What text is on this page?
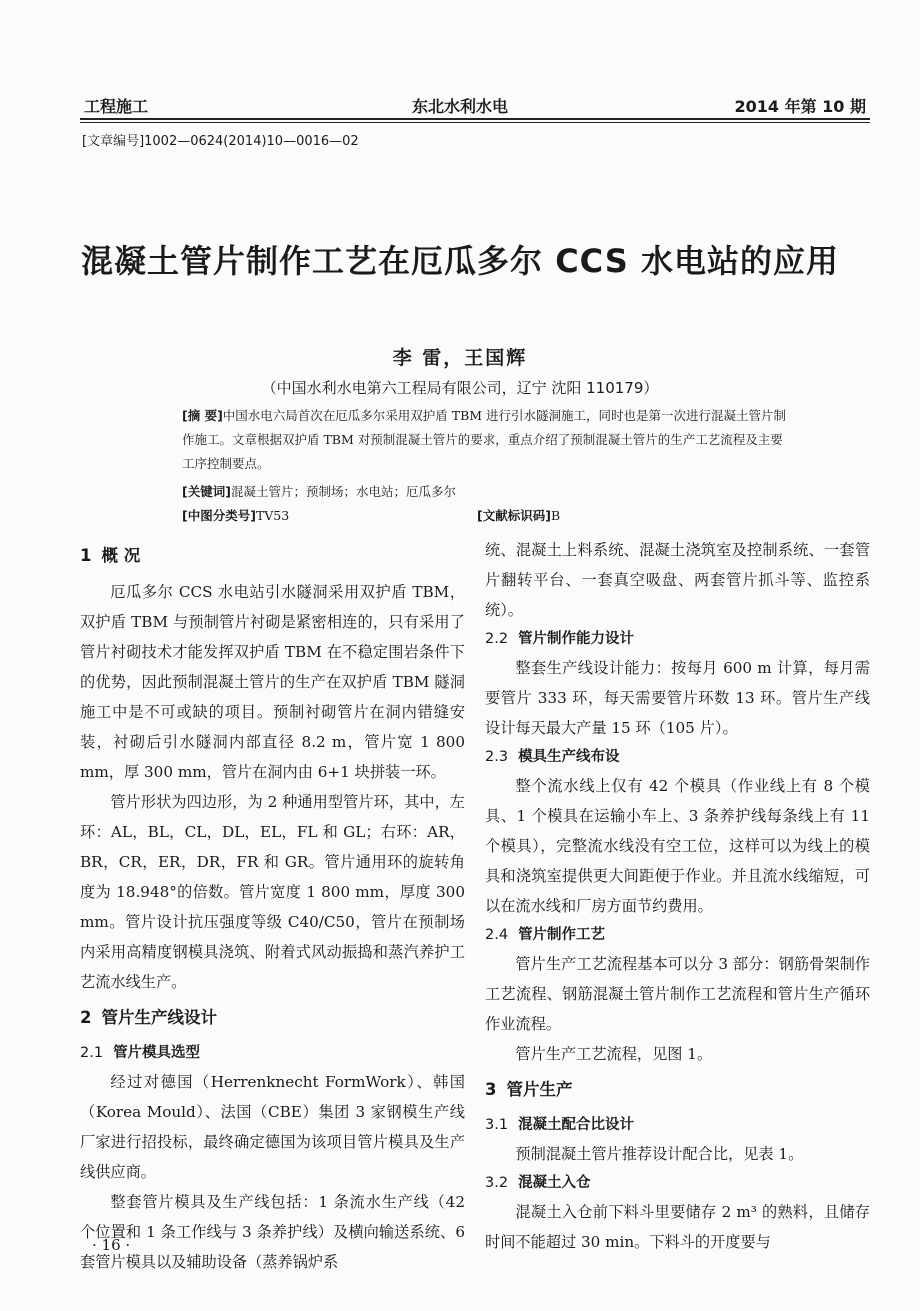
工程施工	东北水利水电	2014 年第 10 期
[文章编号]1002—0624(2014)10—0016—02
混凝土管片制作工艺在厄瓜多尔 CCS 水电站的应用
李 雷，王国辉
（中国水利水电第六工程局有限公司，辽宁 沈阳 110179）
[摘 要]中国水电六局首次在厄瓜多尔采用双护盾 TBM 进行引水隧洞施工，同时也是第一次进行混凝土管片制作施工。文章根据双护盾 TBM 对预制混凝土管片的要求，重点介绍了预制混凝土管片的生产工艺流程及主要工序控制要点。
[关键词]混凝土管片；预制场；水电站；厄瓜多尔
[中图分类号]TV53	[文献标识码]B
1 概 况

厄瓜多尔 CCS 水电站引水隧洞采用双护盾 TBM，双护盾 TBM 与预制管片衬砌是紧密相连的，只有采用了管片衬砌技术才能发挥双护盾 TBM 在不稳定围岩条件下的优势，因此预制混凝土管片的生产在双护盾 TBM 隧洞施工中是不可或缺的项目。预制衬砌管片在洞内错缝安装，衬砌后引水隧洞内部直径 8.2 m，管片宽 1 800 mm，厚 300 mm，管片在洞内由 6+1 块拼装一环。

管片形状为四边形，为 2 种通用型管片环，其中，左环：AL，BL，CL，DL，EL，FL 和 GL；右环：AR，BR，CR，ER，DR，FR 和 GR。管片通用环的旋转角度为 18.948°的倍数。管片宽度 1 800 mm，厚度 300 mm。管片设计抗压强度等级 C40/C50，管片在预制场内采用高精度钢模具浇筑、附着式风动振捣和蒸汽养护工艺流水线生产。

2 管片生产线设计
2.1 管片模具选型

经过对德国（Herrenknecht FormWork）、韩国（Korea Mould）、法国（CBE）集团 3 家钢模生产线厂家进行招投标，最终确定德国为该项目管片模具及生产线供应商。

整套管片模具及生产线包括：1 条流水生产线（42 个位置和 1 条工作线与 3 条养护线）及横向输送系统、6 套管片模具以及辅助设备（蒸养锅炉系

统、混凝土上料系统、混凝土浇筑室及控制系统、一套管片翻转平台、一套真空吸盘、两套管片抓斗等、监控系统）。

2.2 管片制作能力设计

整套生产线设计能力：按每月 600 m 计算，每月需要管片 333 环，每天需要管片环数 13 环。管片生产线设计每天最大产量 15 环（105 片）。

2.3 模具生产线布设

整个流水线上仅有 42 个模具（作业线上有 8 个模具、1 个模具在运输小车上、3 条养护线每条线上有 11 个模具），完整流水线没有空工位，这样可以为线上的模具和浇筑室提供更大间距便于作业。并且流水线缩短，可以在流水线和厂房方面节约费用。

2.4 管片制作工艺

管片生产工艺流程基本可以分 3 部分：钢筋骨架制作工艺流程、钢筋混凝土管片制作工艺流程和管片生产循环作业流程。

管片生产工艺流程，见图 1。

3 管片生产
3.1 混凝土配合比设计

预制混凝土管片推荐设计配合比，见表 1。

3.2 混凝土入仓

混凝土入仓前下料斗里要储存 2 m³ 的熟料，且储存时间不能超过 30 min。下料斗的开度要与

· 16 ·
